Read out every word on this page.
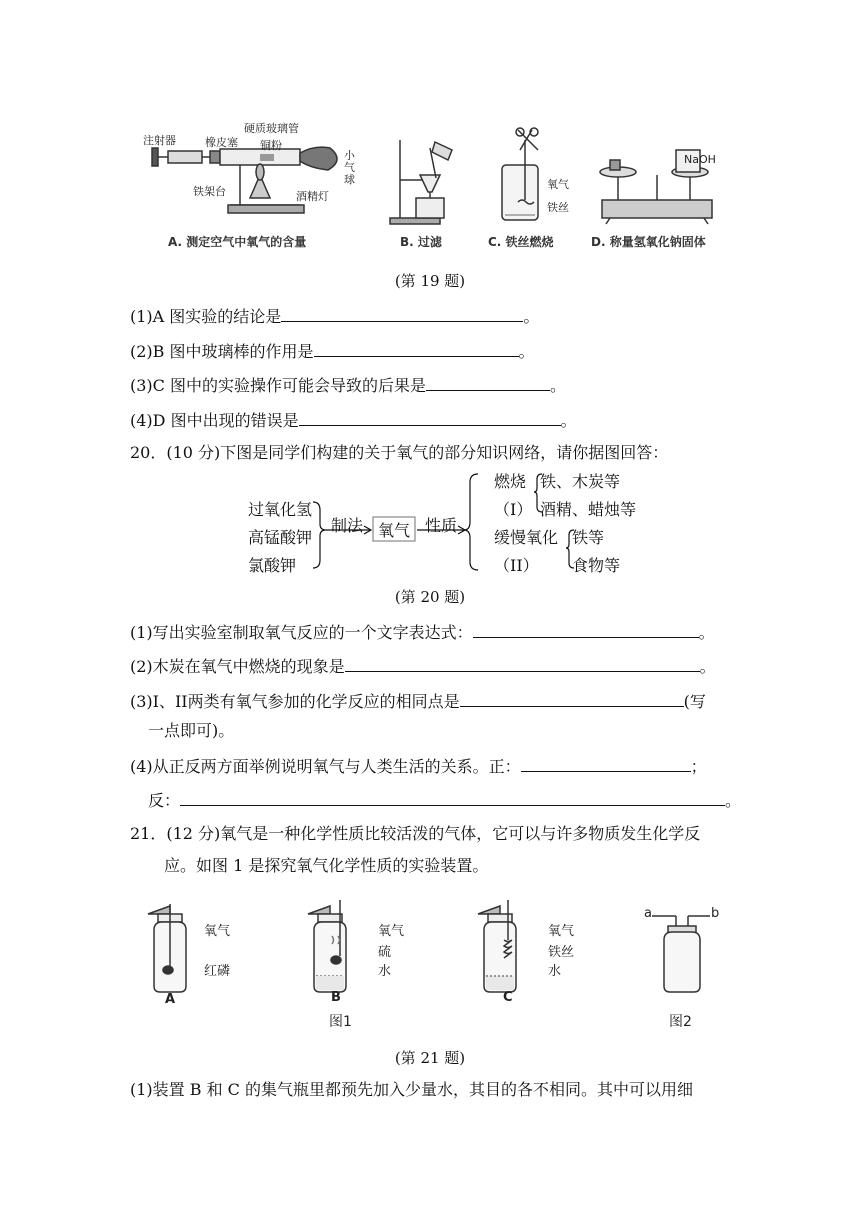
注射器	橡皮塞
硬质玻璃管
铜粉
小气球
铁架台	酒精灯
氧气
铁丝
NaOH
A. 测定空气中氧气的含量	B. 过滤	C. 铁丝燃烧	D. 称量氢氧化钠固体
(第 19 题)
(1)A 图实验的结论是	。
(2)B 图中玻璃棒的作用是	。
(3)C 图中的实验操作可能会导致的后果是	。
(4)D 图中出现的错误是	。
20．(10 分)下图是同学们构建的关于氧气的部分知识网络，请你据图回答：
过氧化氢
高锰酸钾
氯酸钾
制法 氧气 性质
燃烧
（I）
铁、木炭等
酒精、蜡烛等
缓慢氧化
（II）
铁等
食物等
(第 20 题)
(1)写出实验室制取氧气反应的一个文字表达式：	。
(2)木炭在氧气中燃烧的现象是	。
(3)I、II两类有氧气参加的化学反应的相同点是	(写
一点即可)。
(4)从正反两方面举例说明氧气与人类生活的关系。正：	；
反：	。
21．(12 分)氧气是一种化学性质比较活泼的气体，它可以与许多物质发生化学反
应。如图 1 是探究氧气化学性质的实验装置。
氧气
红磷
氧气
硫
水
氧气
铁丝
水
a	b
A	B	C
图1	图2
(第 21 题)
(1)装置 B 和 C 的集气瓶里都预先加入少量水，其目的各不相同。其中可以用细
